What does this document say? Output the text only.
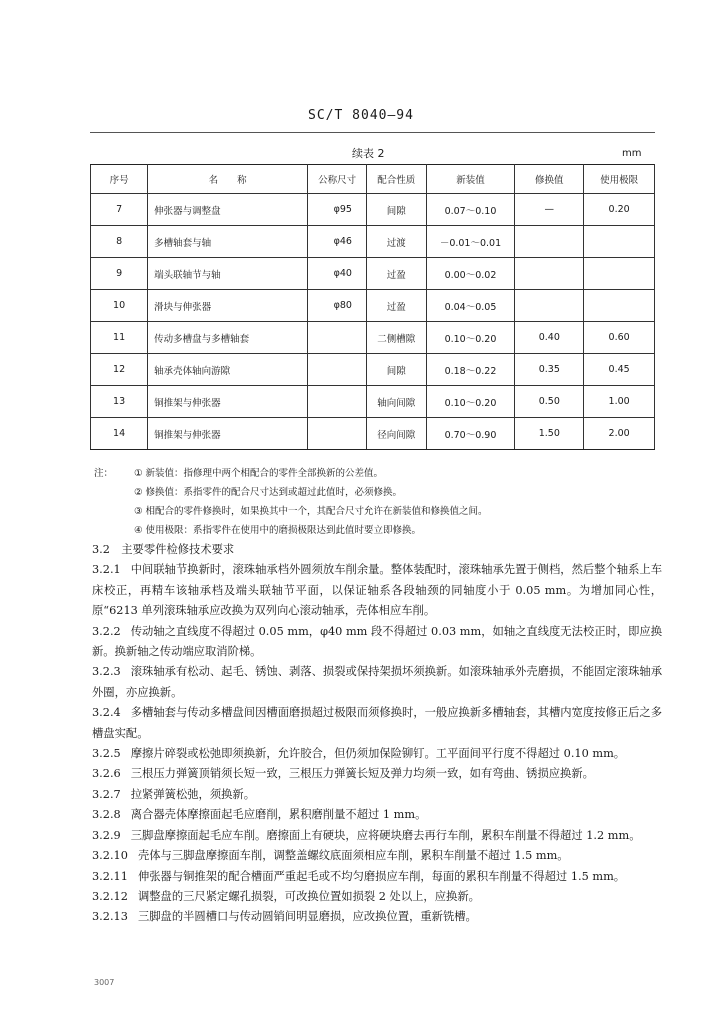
SC/T 8040—94
续表 2	mm
序号	名　　称	公称尺寸	配合性质	新装值	修换值	使用极限
7	伸张器与调整盘	φ95	间隙	0.07～0.10	—	0.20
8	多槽轴套与轴	φ46	过渡	－0.01～0.01		
9	端头联轴节与轴	φ40	过盈	0.00～0.02		
10	滑块与伸张器	φ80	过盈	0.04～0.05		
11	传动多槽盘与多槽轴套		二侧槽隙	0.10～0.20	0.40	0.60
12	轴承壳体轴向游隙		间隙	0.18～0.22	0.35	0.45
13	铜推架与伸张器		轴向间隙	0.10～0.20	0.50	1.00
14	铜推架与伸张器		径向间隙	0.70～0.90	1.50	2.00
注：	① 新装值：指修理中两个相配合的零件全部换新的公差值。
② 修换值：系指零件的配合尺寸达到或超过此值时，必须修换。
③ 相配合的零件修换时，如果换其中一个，其配合尺寸允许在新装值和修换值之间。
④ 使用极限：系指零件在使用中的磨损极限达到此值时要立即修换。

3.2　主要零件检修技术要求

3.2.1 中间联轴节换新时，滚珠轴承档外圆须放车削余量。整体装配时，滚珠轴承先置于侧档，然后整个轴系上车床校正，再精车该轴承档及端头联轴节平面，以保证轴系各段轴颈的同轴度小于 0.05 mm。为增加同心性，原“6213 单列滚珠轴承应改换为双列向心滚动轴承，壳体相应车削。

3.2.2 传动轴之直线度不得超过 0.05 mm，φ40 mm 段不得超过 0.03 mm，如轴之直线度无法校正时，即应换新。换新轴之传动端应取消阶梯。

3.2.3 滚珠轴承有松动、起毛、锈蚀、剥落、损裂或保持架损坏须换新。如滚珠轴承外壳磨损，不能固定滚珠轴承外圈，亦应换新。

3.2.4 多槽轴套与传动多槽盘间因槽面磨损超过极限而须修换时，一般应换新多槽轴套，其槽内宽度按修正后之多槽盘实配。

3.2.5 摩擦片碎裂或松弛即须换新，允许胶合，但仍须加保险铆钉。工平面间平行度不得超过 0.10 mm。

3.2.6 三根压力弹簧顶销须长短一致，三根压力弹簧长短及弹力均须一致，如有弯曲、锈损应换新。

3.2.7 拉紧弹簧松弛，须换新。

3.2.8 离合器壳体摩擦面起毛应磨削，累积磨削量不超过 1 mm。

3.2.9 三脚盘摩擦面起毛应车削。磨擦面上有硬块，应将硬块磨去再行车削，累积车削量不得超过 1.2 mm。

3.2.10 壳体与三脚盘摩擦面车削，调整盖螺纹底面须相应车削，累积车削量不超过 1.5 mm。

3.2.11 伸张器与铜推架的配合槽面严重起毛或不均匀磨损应车削，每面的累积车削量不得超过 1.5 mm。

3.2.12 调整盘的三尺紧定螺孔损裂，可改换位置如损裂 2 处以上，应换新。

3.2.13 三脚盘的半圆槽口与传动圆销间明显磨损，应改换位置，重新铣槽。

3007
